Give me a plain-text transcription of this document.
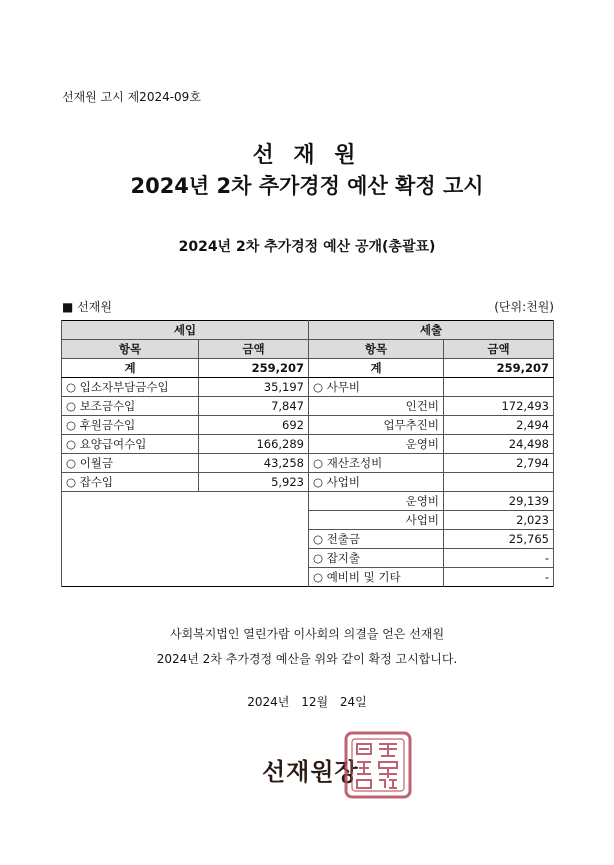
선재원 고시 제2024-09호
선 재 원
2024년 2차 추가경정 예산 확정 고시
2024년 2차 추가경정 예산 공개(총괄표)
■ 선재원	(단위:천원)
세입		세출	
항목	금액	항목	금액
계	259,207	계	259,207
○ 입소자부담금수입	35,197	○ 사무비	
○ 보조금수입	7,847	인건비	172,493
○ 후원금수입	692	업무추진비	2,494
○ 요양급여수입	166,289	운영비	24,498
○ 이월금	43,258	○ 재산조성비	2,794
○ 잡수입	5,923	○ 사업비	
		운영비	29,139
		사업비	2,023
		○ 전출금	25,765
		○ 잡지출	-
		○ 예비비 및 기타	-
사회복지법인 열린가람 이사회의 의결을 얻은 선재원
2024년 2차 추가경정 예산을 위와 같이 확정 고시합니다.
2024년 12월 24일
선재원장
